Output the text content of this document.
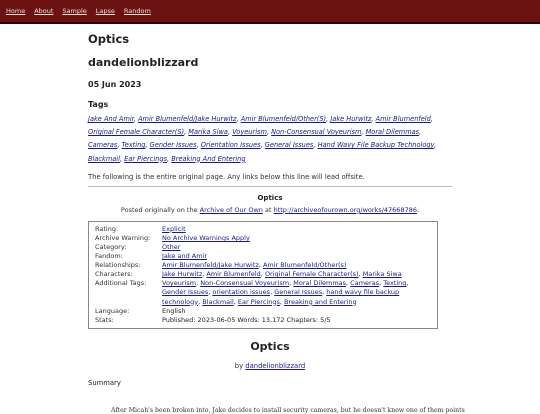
Home About Sample Lapse Random
Optics
dandelionblizzard
05 Jun 2023
Tags
Jake And Amir, Amir Blumenfeld/Jake Hurwitz, Amir Blumenfeld/Other(S), Jake Hurwitz, Amir Blumenfeld, Original Female Character(S), Marika Siwa, Voyeurism, Non-Consensual Voyeurism, Moral Dilemmas, Cameras, Texting, Gender Issues, Orientation Issues, General Issues, Hand Wavy File Backup Technology, Blackmail, Ear Piercings, Breaking And Entering
The following is the entire original page. Any links below this line will lead offsite.
Optics
Posted originally on the Archive of Our Own at http://archiveofourown.org/works/47668786.
Rating:	Explicit
Archive Warning:	No Archive Warnings Apply
Category:	Other
Fandom:	Jake and Amir
Relationships:	Amir Blumenfeld/Jake Hurwitz, Amir Blumenfeld/Other(s)
Characters:	Jake Hurwitz, Amir Blumenfeld, Original Female Character(s), Marika Siwa
Additional Tags:	Voyeurism, Non-Consensual Voyeurism, Moral Dilemmas, Cameras, Texting, Gender Issues, orientation issues, General Issues, hand wavy file backup technology, Blackmail, Ear Piercings, Breaking and Entering
Language:	English
Stats:	Published: 2023-06-05 Words: 13,172 Chapters: 5/5
Optics
by dandelionblizzard
Summary
After Micah's been broken into, Jake decides to install security cameras, but he doesn't know one of them points
